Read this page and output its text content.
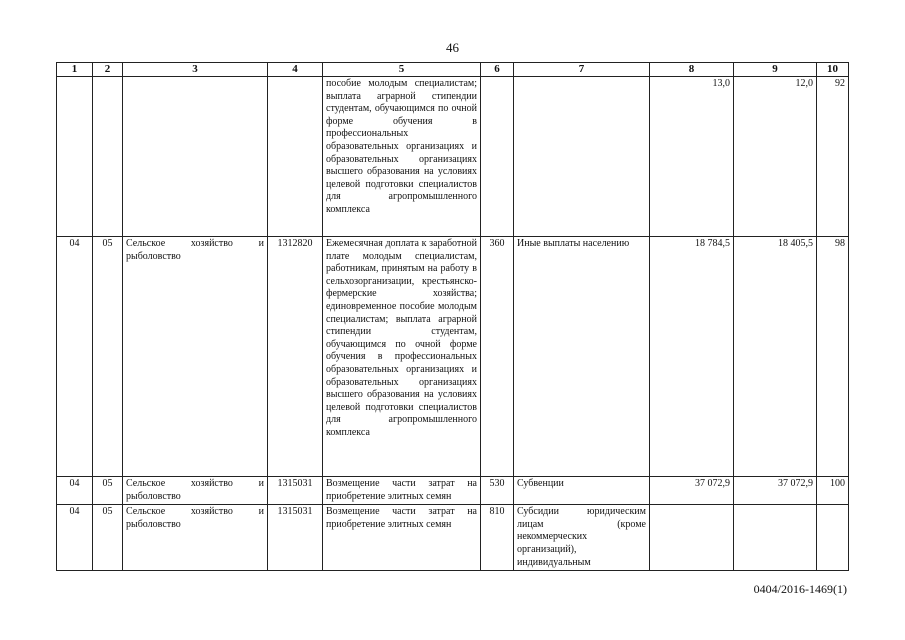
46
1	2	3	4	5	6	7	8	9	10
				пособие молодым специалистам; выплата аграрной стипендии студентам, обучающимся по очной форме обучения в профессиональных образовательных организациях и образовательных организациях высшего образования на условиях целевой подготовки специалистов для агропромышленного комплекса			13,0	12,0	92
04	05	Сельское хозяйство и рыболовство	1312820	Ежемесячная доплата к заработной плате молодым специалистам, работникам, принятым на работу в сельхозорганизации, крестьянско-фермерские хозяйства; единовременное пособие молодым специалистам; выплата аграрной стипендии студентам, обучающимся по очной форме обучения в профессиональных образовательных организациях и образовательных организациях высшего образования на условиях целевой подготовки специалистов для агропромышленного комплекса	360	Иные выплаты населению	18 784,5	18 405,5	98
04	05	Сельское хозяйство и рыболовство	1315031	Возмещение части затрат на приобретение элитных семян	530	Субвенции	37 072,9	37 072,9	100
04	05	Сельское хозяйство и рыболовство	1315031	Возмещение части затрат на приобретение элитных семян	810	Субсидии юридическим лицам (кроме некоммерческих организаций), индивидуальным			
0404/2016-1469(1)
